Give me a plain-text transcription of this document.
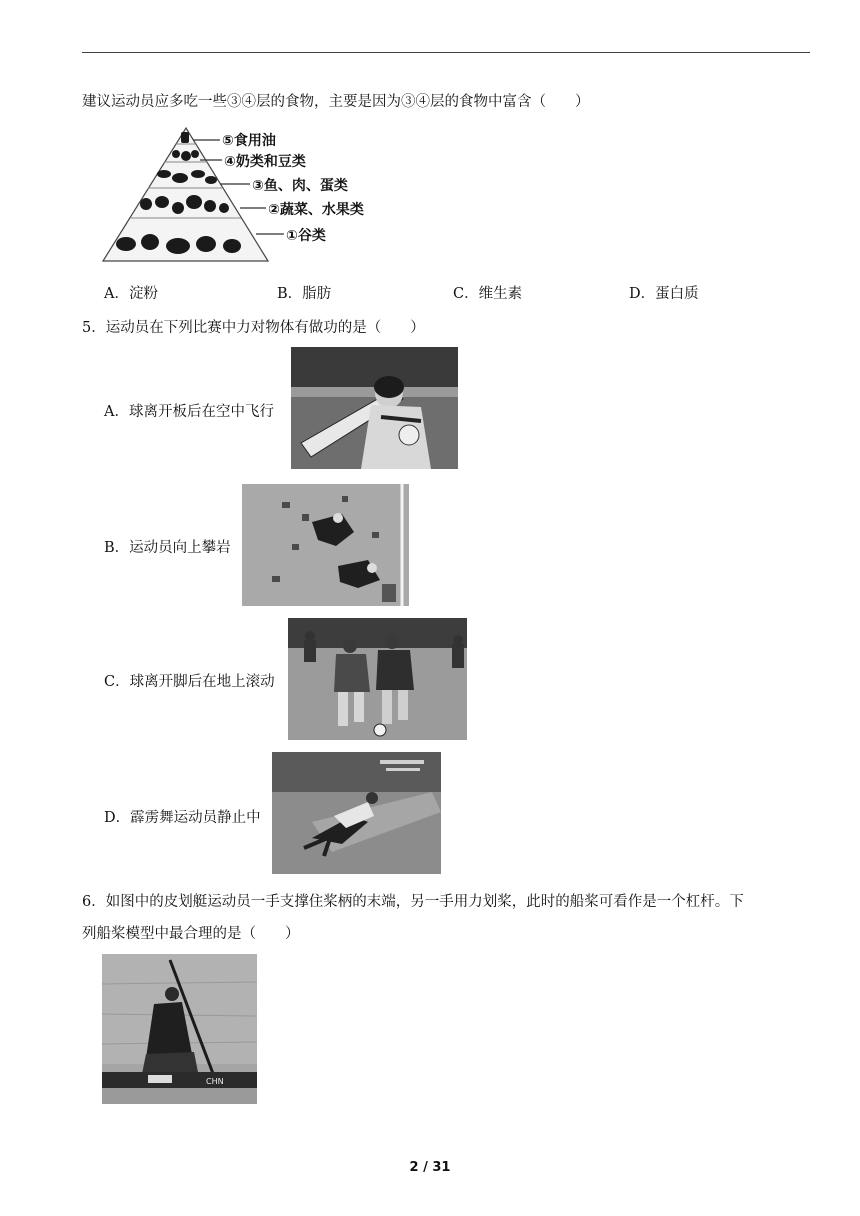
建议运动员应多吃一些③④层的食物，主要是因为③④层的食物中富含（　　）
⑤食用油
④奶类和豆类
③鱼、肉、蛋类
②蔬菜、水果类
①谷类
A．淀粉	B．脂肪	C．维生素	D．蛋白质
5．运动员在下列比赛中力对物体有做功的是（　　）
A．球离开板后在空中飞行
B．运动员向上攀岩
C．球离开脚后在地上滚动
D．霹雳舞运动员静止中
6．如图中的皮划艇运动员一手支撑住桨柄的末端，另一手用力划桨，此时的船桨可看作是一个杠杆。下
列船桨模型中最合理的是（　　）
CHN
2 / 31
